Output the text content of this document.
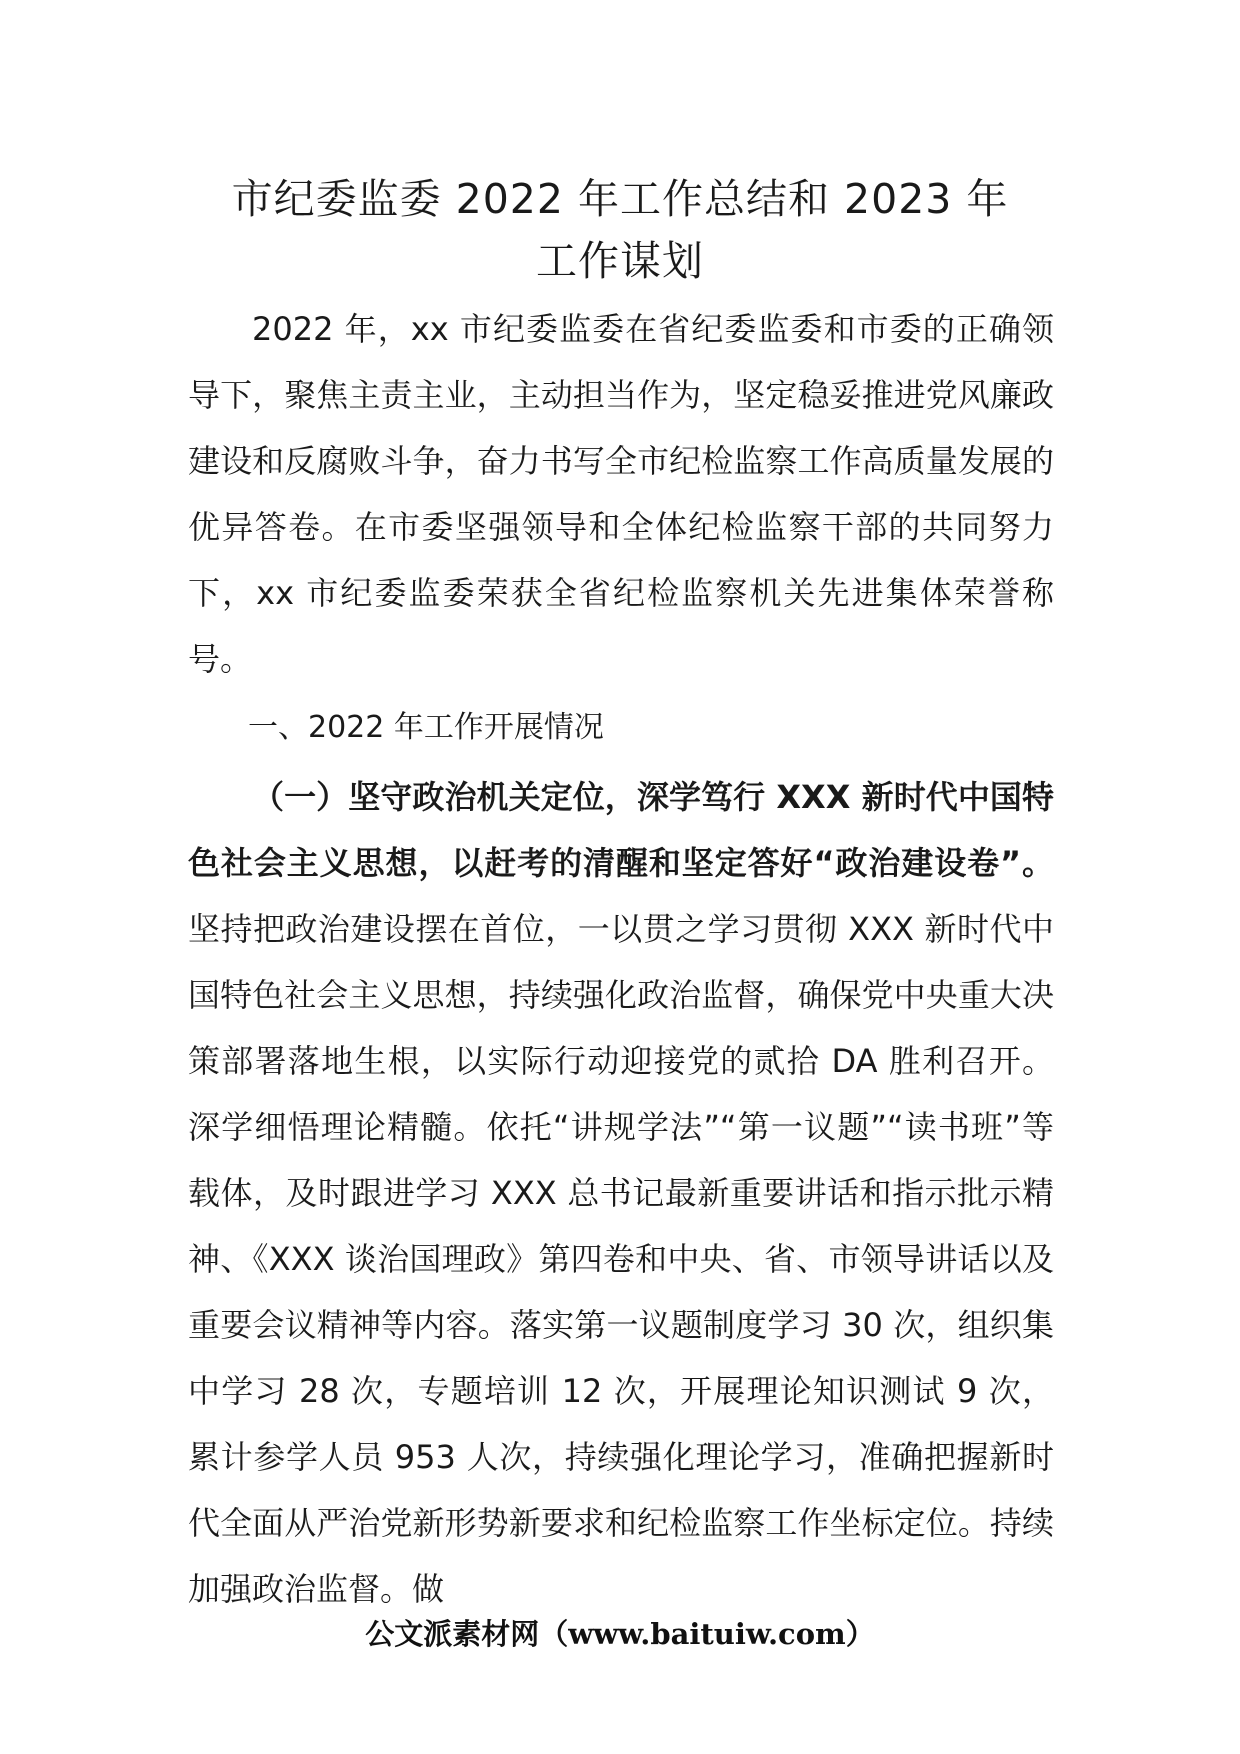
市纪委监委 2022 年工作总结和 2023 年
工作谋划

2022 年，xx 市纪委监委在省纪委监委和市委的正确领导下，聚焦主责主业，主动担当作为，坚定稳妥推进党风廉政建设和反腐败斗争，奋力书写全市纪检监察工作高质量发展的优异答卷。在市委坚强领导和全体纪检监察干部的共同努力下，xx 市纪委监委荣获全省纪检监察机关先进集体荣誉称号。

一、2022 年工作开展情况

（一）坚守政治机关定位，深学笃行 XXX 新时代中国特色社会主义思想，以赶考的清醒和坚定答好“政治建设卷”。坚持把政治建设摆在首位，一以贯之学习贯彻 XXX 新时代中国特色社会主义思想，持续强化政治监督，确保党中央重大决策部署落地生根，以实际行动迎接党的贰拾 DA 胜利召开。深学细悟理论精髓。依托“讲规学法”“第一议题”“读书班”等载体，及时跟进学习 XXX 总书记最新重要讲话和指示批示精神、《XXX 谈治国理政》第四卷和中央、省、市领导讲话以及重要会议精神等内容。落实第一议题制度学习 30 次，组织集中学习 28 次，专题培训 12 次，开展理论知识测试 9 次，累计参学人员 953 人次，持续强化理论学习，准确把握新时代全面从严治党新形势新要求和纪检监察工作坐标定位。持续加强政治监督。做

公文派素材网（www.baituiw.com）
